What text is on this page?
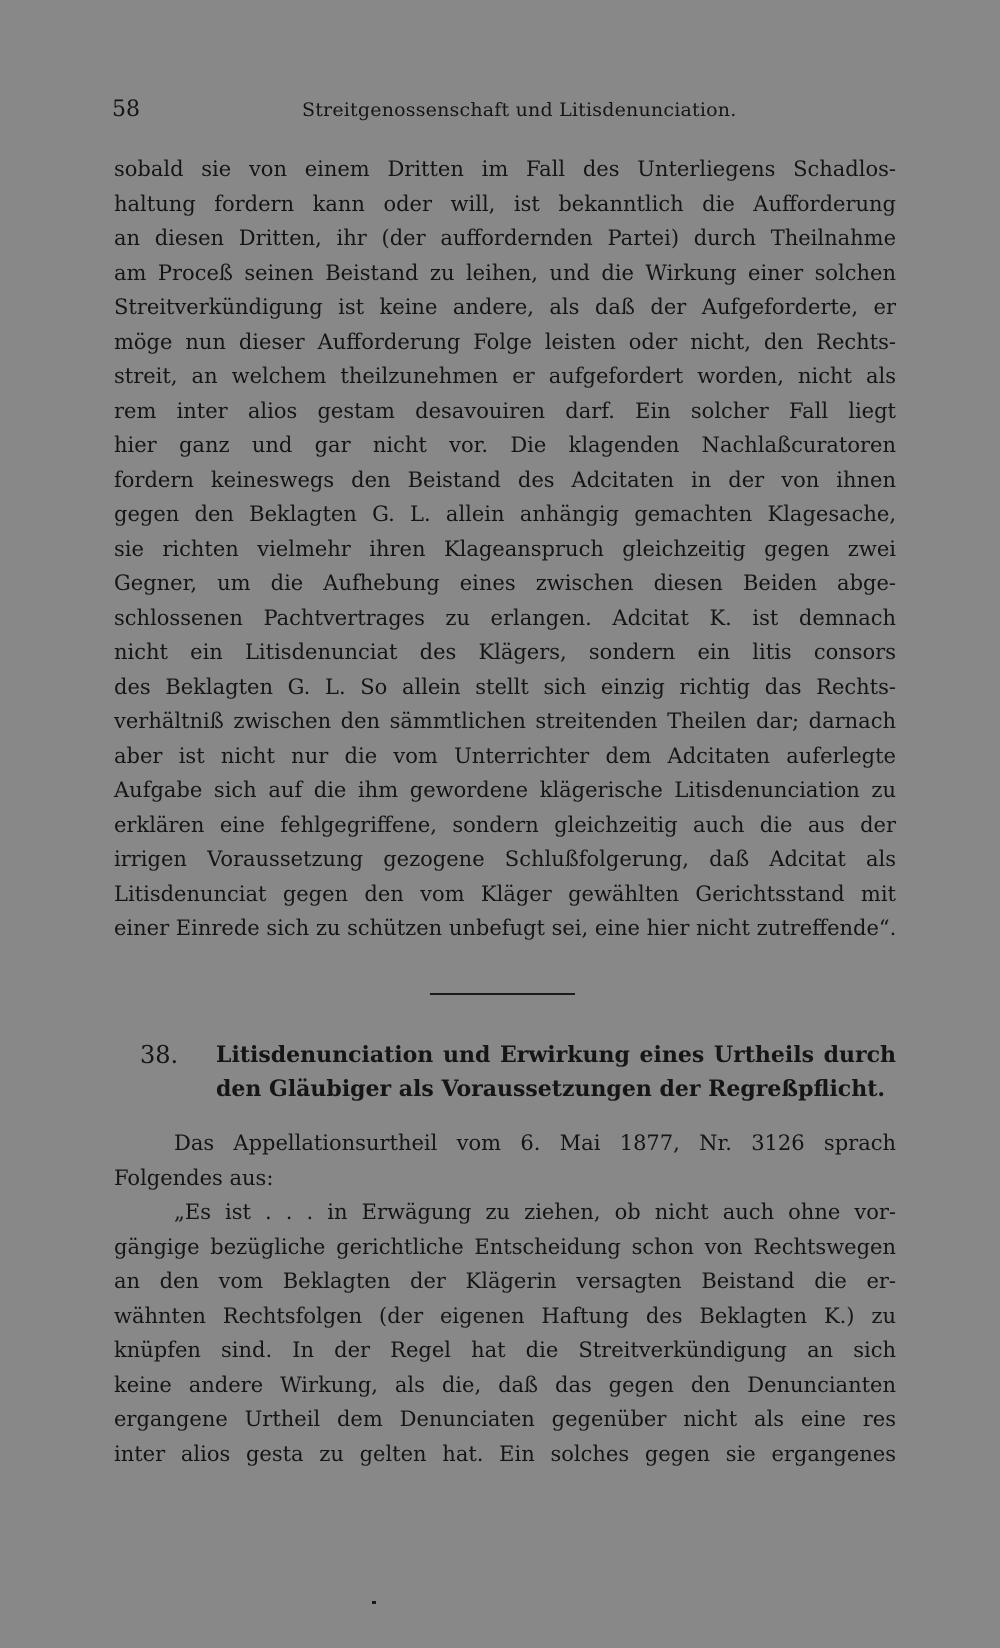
58	Streitgenossenschaft und Litisdenunciation.
sobald sie von einem Dritten im Fall des Unterliegens Schadlos-
haltung fordern kann oder will, ist bekanntlich die Aufforderung
an diesen Dritten, ihr (der auffordernden Partei) durch Theilnahme
am Proceß seinen Beistand zu leihen, und die Wirkung einer solchen
Streitverkündigung ist keine andere, als daß der Aufgeforderte, er
möge nun dieser Aufforderung Folge leisten oder nicht, den Rechts-
streit, an welchem theilzunehmen er aufgefordert worden, nicht als
rem inter alios gestam desavouiren darf. Ein solcher Fall liegt
hier ganz und gar nicht vor. Die klagenden Nachlaßcuratoren
fordern keineswegs den Beistand des Adcitaten in der von ihnen
gegen den Beklagten G. L. allein anhängig gemachten Klagesache,
sie richten vielmehr ihren Klageanspruch gleichzeitig gegen zwei
Gegner, um die Aufhebung eines zwischen diesen Beiden abge-
schlossenen Pachtvertrages zu erlangen. Adcitat K. ist demnach
nicht ein Litisdenunciat des Klägers, sondern ein litis consors
des Beklagten G. L. So allein stellt sich einzig richtig das Rechts-
verhältniß zwischen den sämmtlichen streitenden Theilen dar; darnach
aber ist nicht nur die vom Unterrichter dem Adcitaten auferlegte
Aufgabe sich auf die ihm gewordene klägerische Litisdenunciation zu
erklären eine fehlgegriffene, sondern gleichzeitig auch die aus der
irrigen Voraussetzung gezogene Schlußfolgerung, daß Adcitat als
Litisdenunciat gegen den vom Kläger gewählten Gerichtsstand mit
einer Einrede sich zu schützen unbefugt sei, eine hier nicht zutreffende“.
38. Litisdenunciation und Erwirkung eines Urtheils durch
den Gläubiger als Voraussetzungen der Regreßpflicht.
Das Appellationsurtheil vom 6. Mai 1877, Nr. 3126 sprach
Folgendes aus:
„Es ist . . . in Erwägung zu ziehen, ob nicht auch ohne vor-
gängige bezügliche gerichtliche Entscheidung schon von Rechtswegen
an den vom Beklagten der Klägerin versagten Beistand die er-
wähnten Rechtsfolgen (der eigenen Haftung des Beklagten K.) zu
knüpfen sind. In der Regel hat die Streitverkündigung an sich
keine andere Wirkung, als die, daß das gegen den Denuncianten
ergangene Urtheil dem Denunciaten gegenüber nicht als eine res
inter alios gesta zu gelten hat. Ein solches gegen sie ergangenes
